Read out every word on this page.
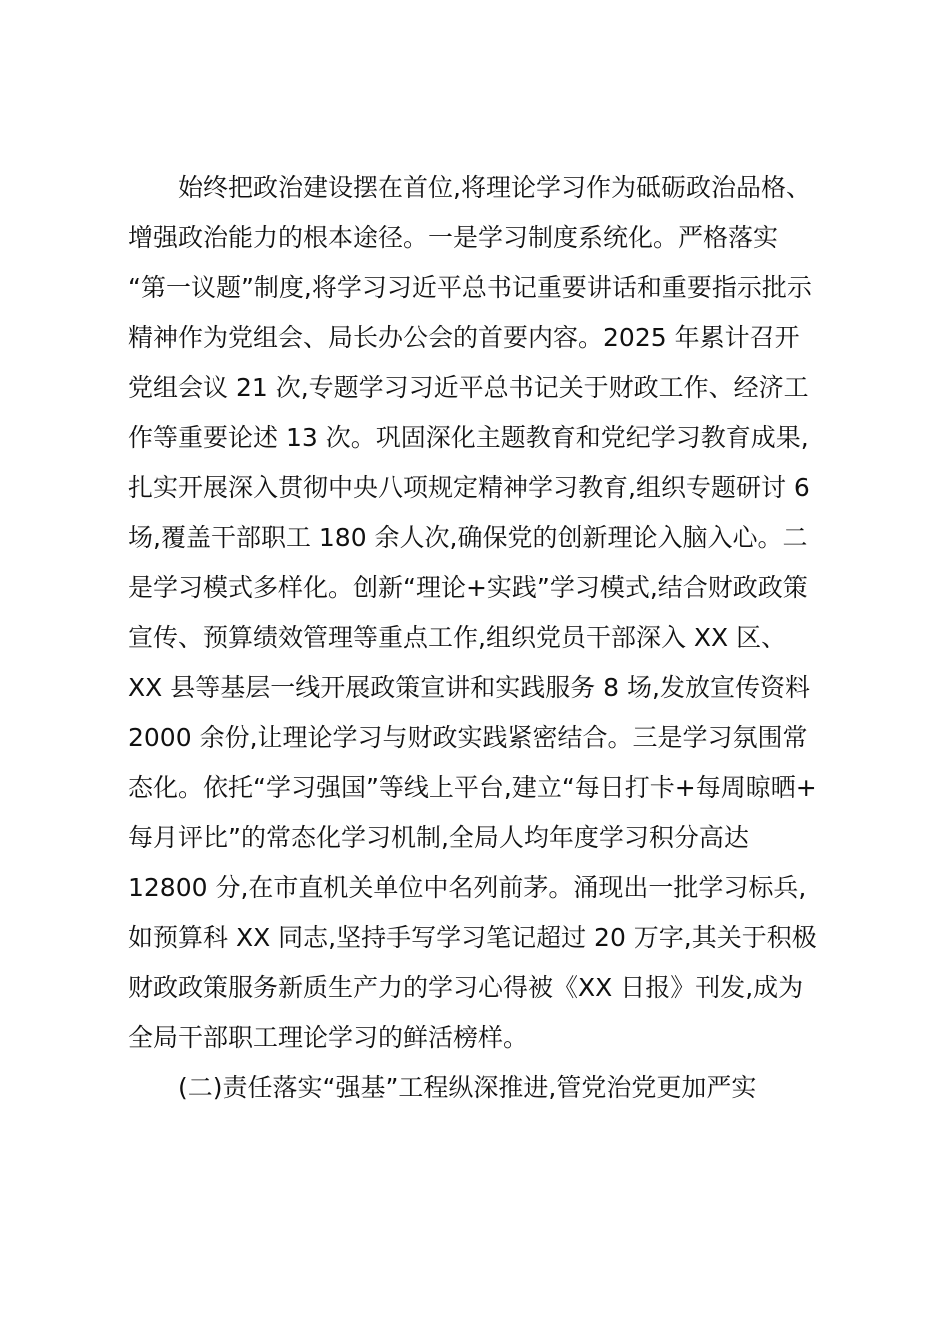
始终把政治建设摆在首位,将理论学习作为砥砺政治品格、
增强政治能力的根本途径。一是学习制度系统化。严格落实
“第一议题”制度,将学习习近平总书记重要讲话和重要指示批示
精神作为党组会、局长办公会的首要内容。2025 年累计召开
党组会议 21 次,专题学习习近平总书记关于财政工作、经济工
作等重要论述 13 次。巩固深化主题教育和党纪学习教育成果,
扎实开展深入贯彻中央八项规定精神学习教育,组织专题研讨 6
场,覆盖干部职工 180 余人次,确保党的创新理论入脑入心。二
是学习模式多样化。创新“理论+实践”学习模式,结合财政政策
宣传、预算绩效管理等重点工作,组织党员干部深入 XX 区、
XX 县等基层一线开展政策宣讲和实践服务 8 场,发放宣传资料
2000 余份,让理论学习与财政实践紧密结合。三是学习氛围常
态化。依托“学习强国”等线上平台,建立“每日打卡+每周晾晒+
每月评比”的常态化学习机制,全局人均年度学习积分高达
12800 分,在市直机关单位中名列前茅。涌现出一批学习标兵,
如预算科 XX 同志,坚持手写学习笔记超过 20 万字,其关于积极
财政政策服务新质生产力的学习心得被《XX 日报》刊发,成为
全局干部职工理论学习的鲜活榜样。
(二)责任落实“强基”工程纵深推进,管党治党更加严实
